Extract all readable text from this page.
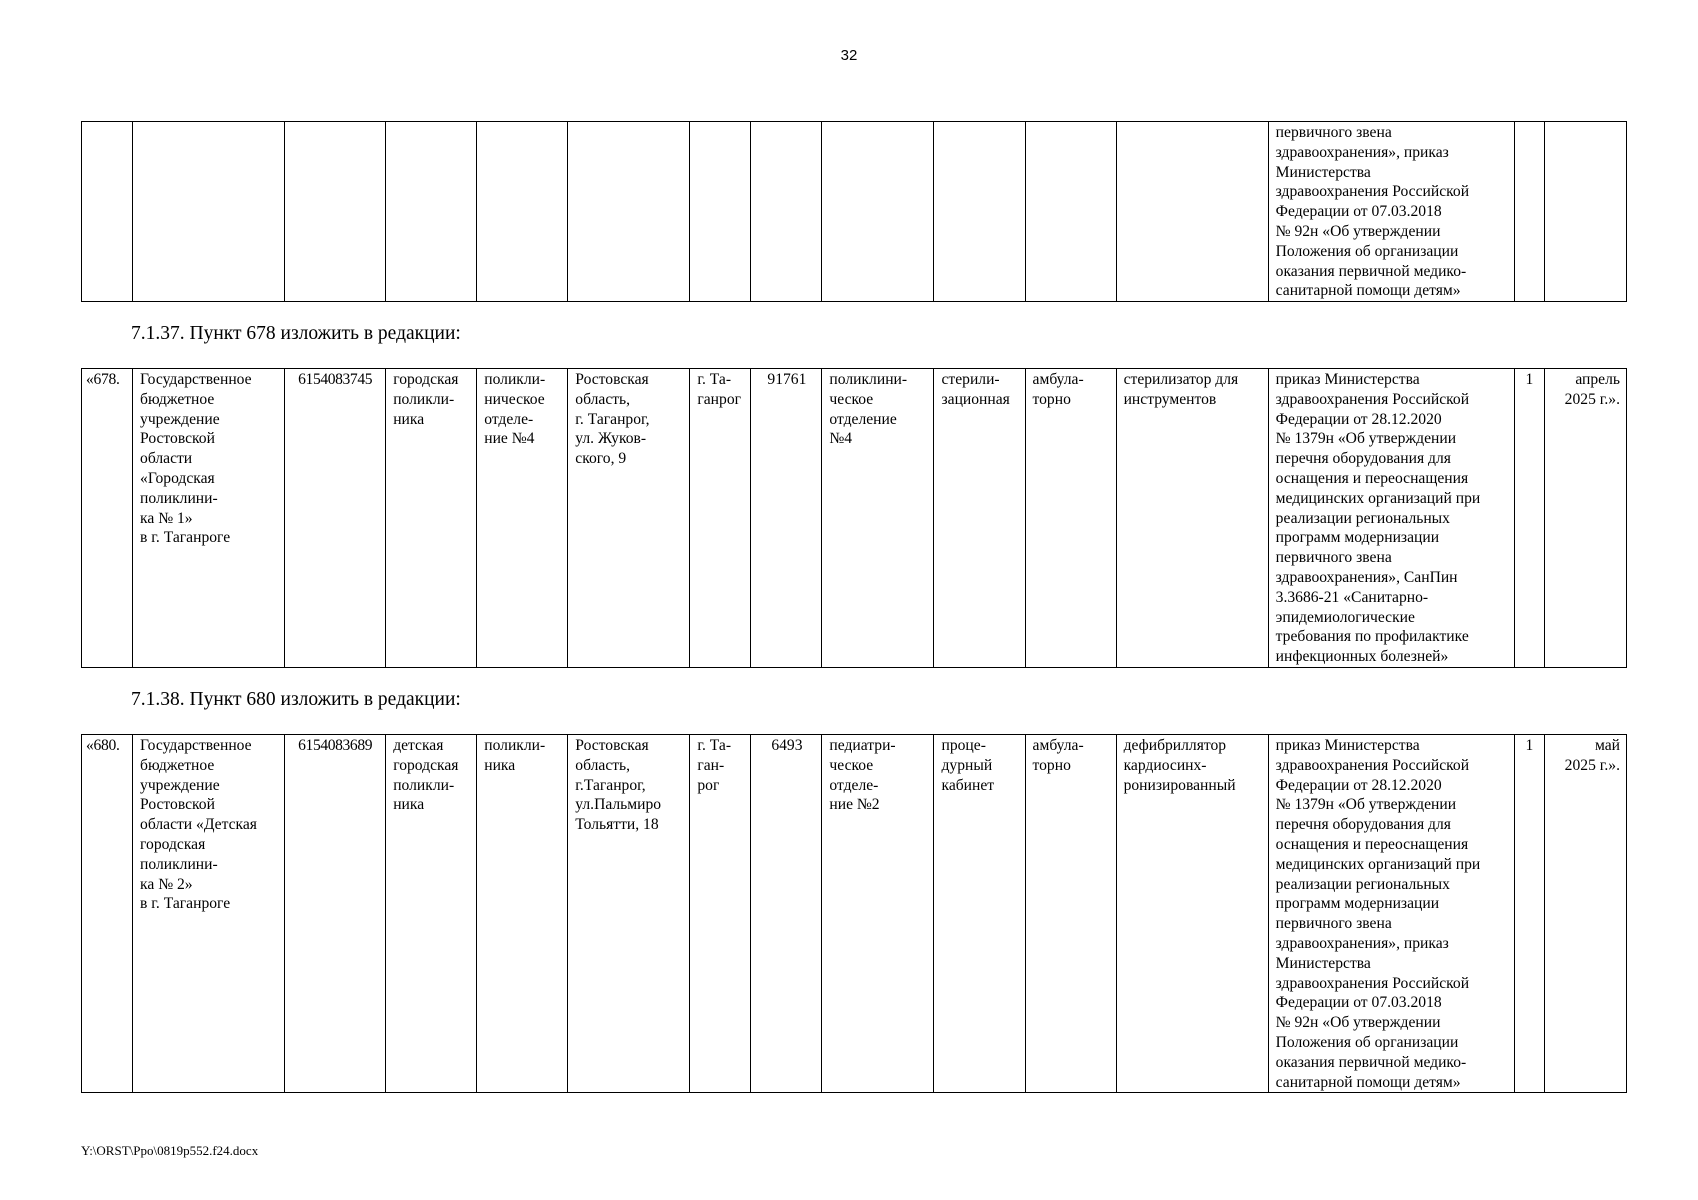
32
												первичного звена
здравоохранения», приказ
Министерства
здравоохранения Российской
Федерации от 07.03.2018
№ 92н «Об утверждении
Положения об организации
оказания первичной медико-
санитарной помощи детям»		

7.1.37. Пункт 678 изложить в редакции:

«678.	Государственное
бюджетное
учреждение
Ростовской
области
«Городская
поликлини-
ка № 1»
в г. Таганроге	6154083745	городская
поликли-
ника	поликли-
ническое
отделе-
ние №4	Ростовская
область,
г. Таганрог,
ул. Жуков-
ского, 9	г. Та-
ганрог	91761	поликлини-
ческое
отделение
№4	стерили-
зационная	амбула-
торно	стерилизатор для
инструментов	приказ Министерства
здравоохранения Российской
Федерации от 28.12.2020
№ 1379н «Об утверждении
перечня оборудования для
оснащения и переоснащения
медицинских организаций при
реализации региональных
программ модернизации
первичного звена
здравоохранения», СанПин
3.3686-21 «Санитарно-
эпидемиологические
требования по профилактике
инфекционных болезней»	1	апрель
2025 г.».

7.1.38. Пункт 680 изложить в редакции:

«680.	Государственное
бюджетное
учреждение
Ростовской
области «Детская
городская
поликлини-
ка № 2»
в г. Таганроге	6154083689	детская
городская
поликли-
ника	поликли-
ника	Ростовская
область,
г.Таганрог,
ул.Пальмиро
Тольятти, 18	г. Та-
ган-
рог	6493	педиатри-
ческое
отделе-
ние №2	проце-
дурный
кабинет	амбула-
торно	дефибриллятор
кардиосинх-
ронизированный	приказ Министерства
здравоохранения Российской
Федерации от 28.12.2020
№ 1379н «Об утверждении
перечня оборудования для
оснащения и переоснащения
медицинских организаций при
реализации региональных
программ модернизации
первичного звена
здравоохранения», приказ
Министерства
здравоохранения Российской
Федерации от 07.03.2018
№ 92н «Об утверждении
Положения об организации
оказания первичной медико-
санитарной помощи детям»	1	май
2025 г.».
Y:\ORST\Ppo\0819p552.f24.docx
